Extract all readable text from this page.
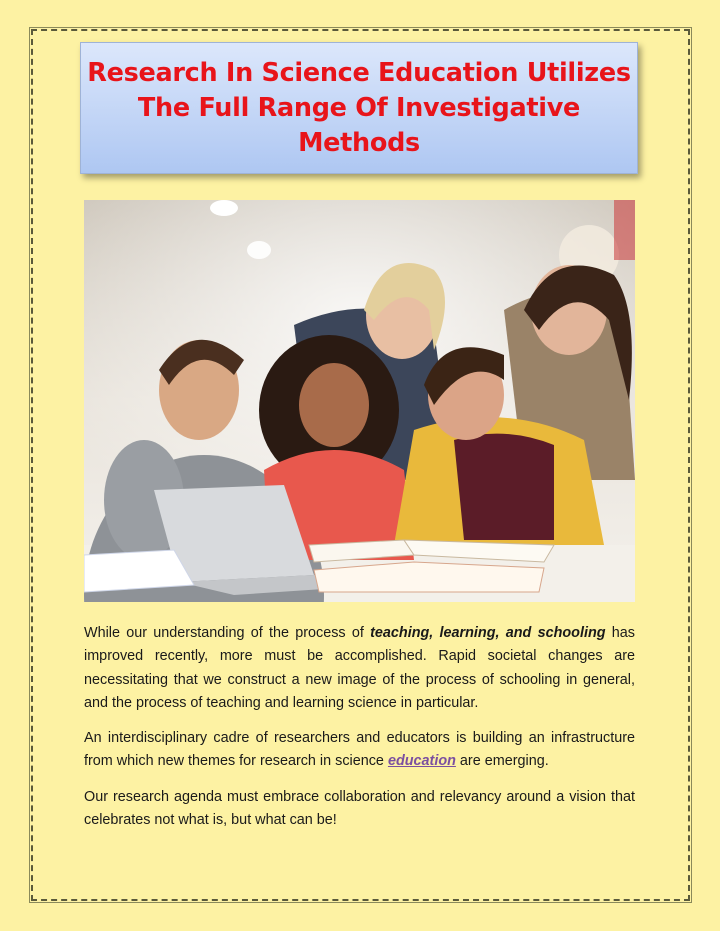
Research In Science Education Utilizes The Full Range Of Investigative Methods

While our understanding of the process of teaching, learning, and schooling has improved recently, more must be accomplished. Rapid societal changes are necessitating that we construct a new image of the process of schooling in general, and the process of teaching and learning science in particular.

An interdisciplinary cadre of researchers and educators is building an infrastructure from which new themes for research in science education are emerging.

Our research agenda must embrace collaboration and relevancy around a vision that celebrates not what is, but what can be!
